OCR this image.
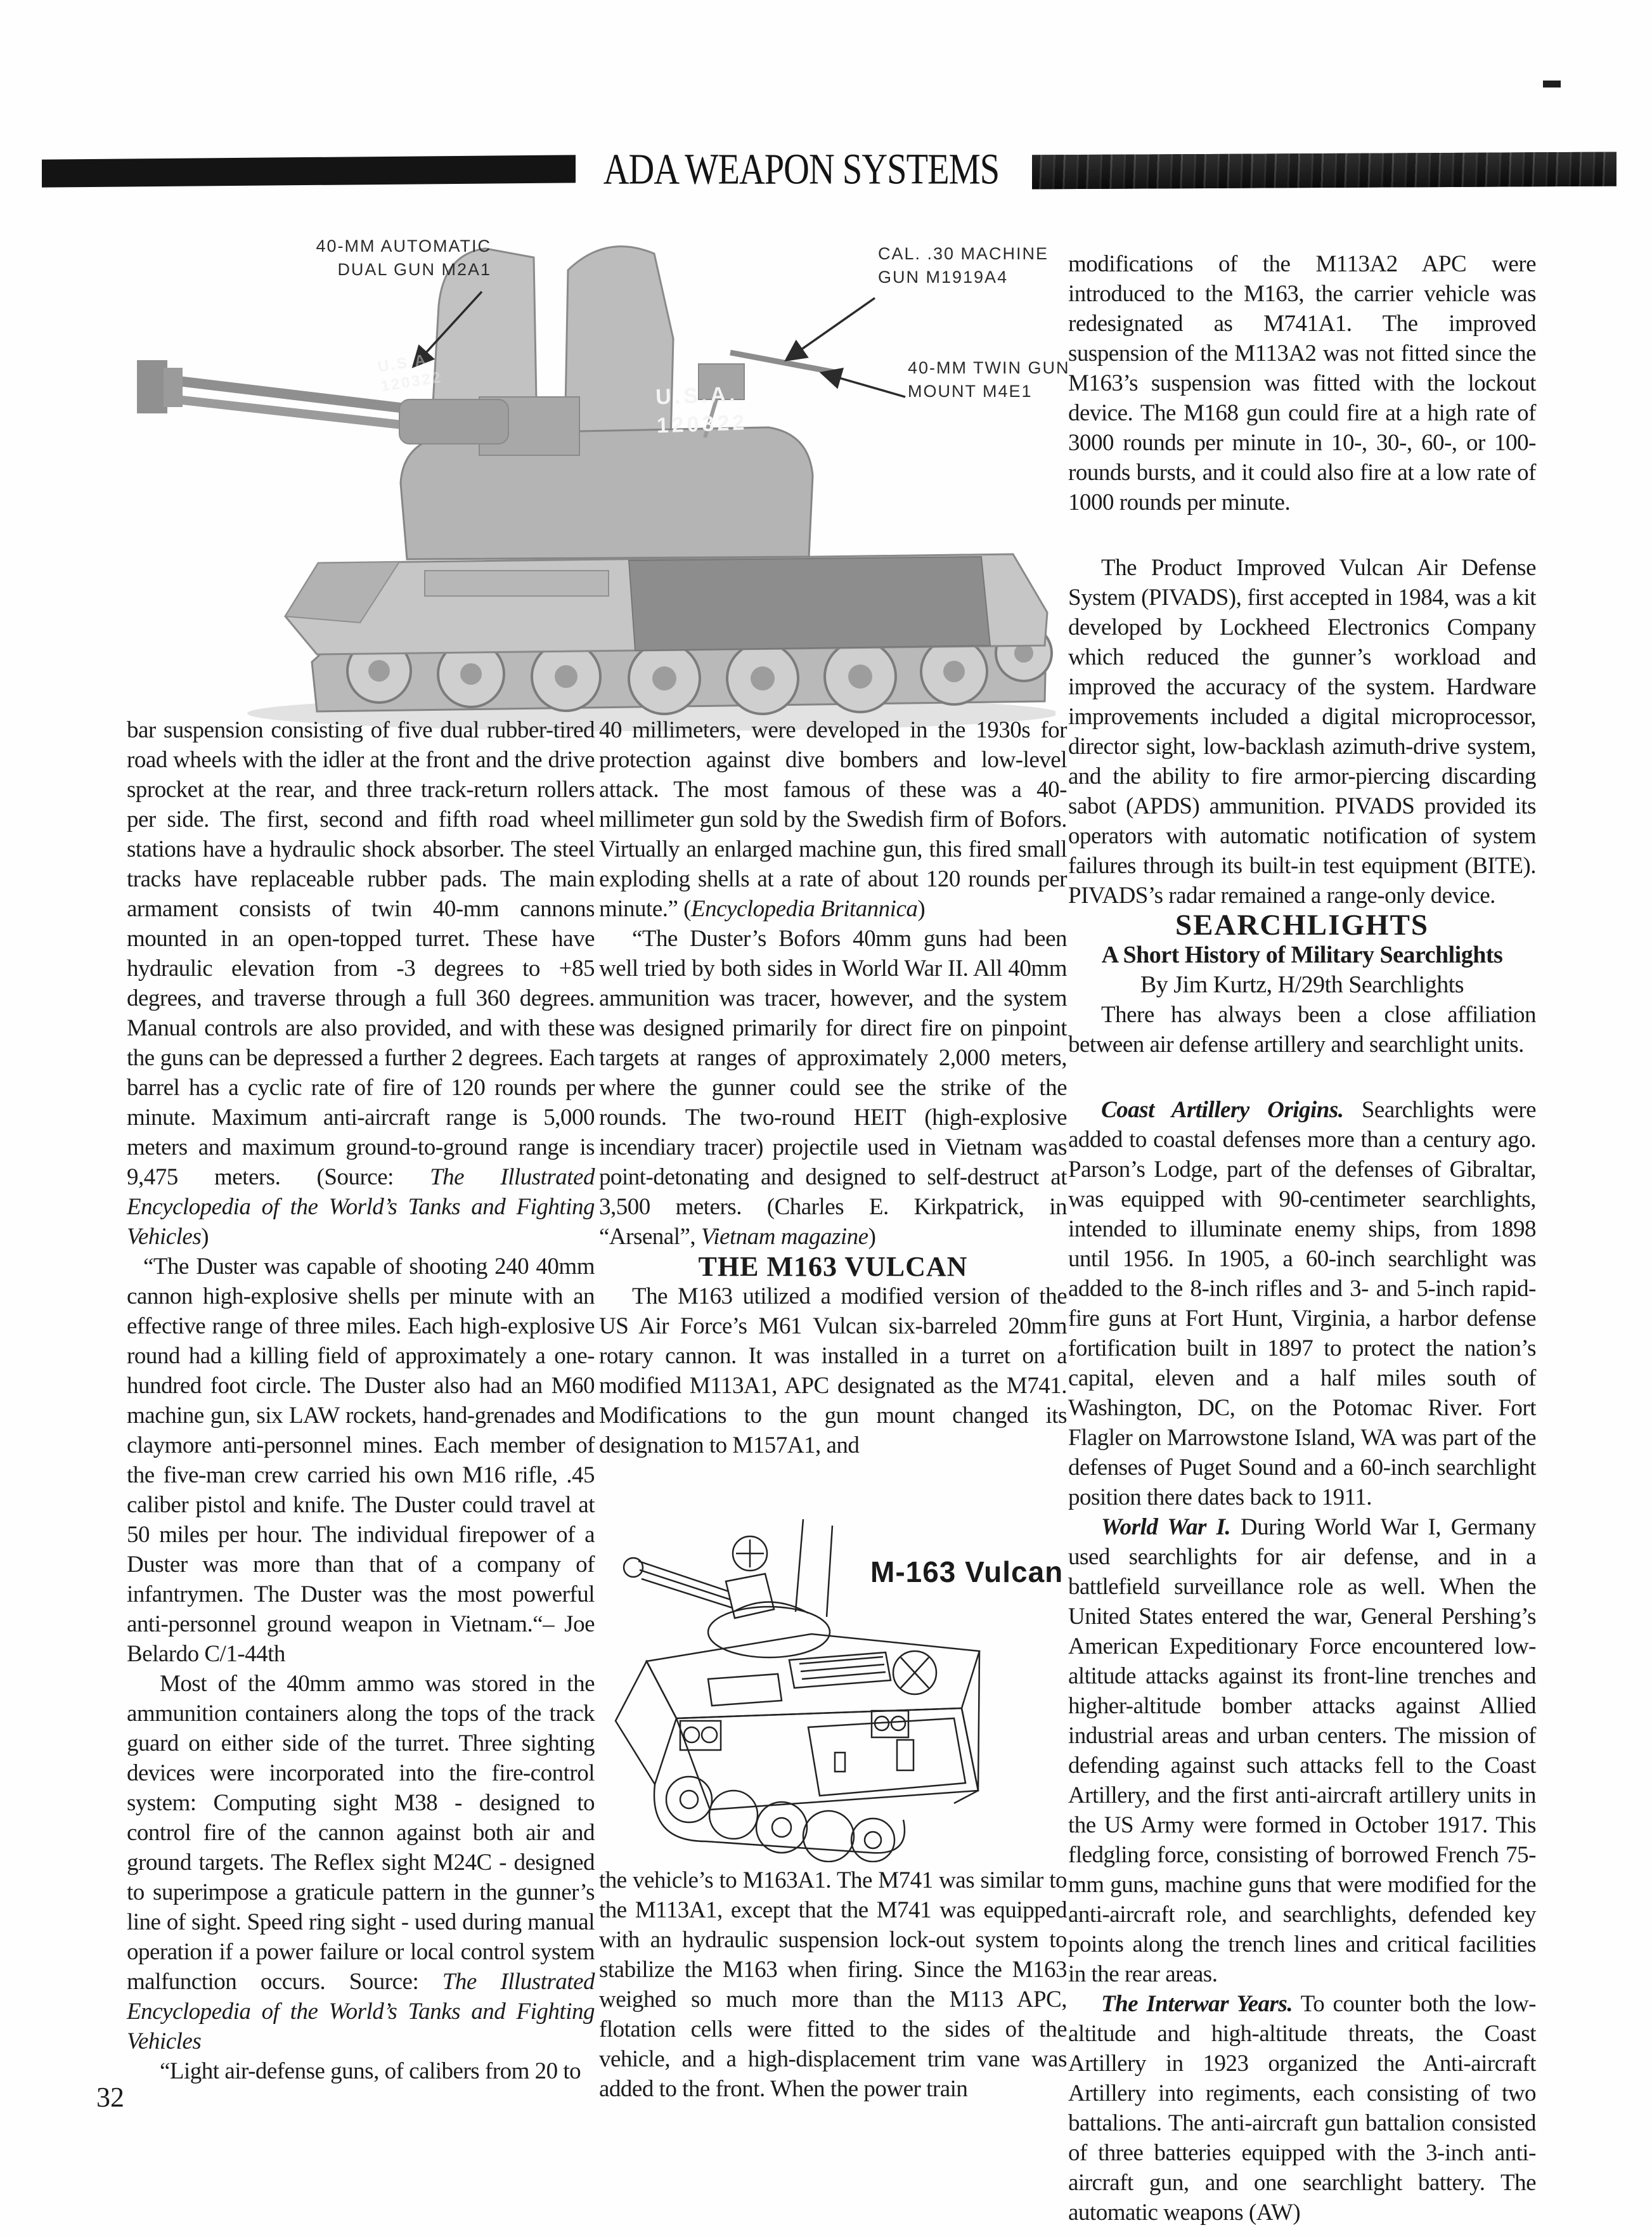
ADA WEAPON SYSTEMS
40-MM AUTOMATIC
DUAL GUN M2A1
CAL. .30 MACHINE
GUN M1919A4
40-MM TWIN GUN
MOUNT M4E1
U.S.A.
120322
U.S.A.
120322

bar suspension consisting of five dual rubber-tired road wheels with the idler at the front and the drive sprocket at the rear, and three track-return rollers per side. The first, second and fifth road wheel stations have a hydraulic shock absorber. The steel tracks have replaceable rubber pads. The main armament consists of twin 40-mm cannons mounted in an open-topped turret. These have hydraulic elevation from -3 degrees to +85 degrees, and traverse through a full 360 degrees. Manual controls are also provided, and with these the guns can be depressed a further 2 degrees. Each barrel has a cyclic rate of fire of 120 rounds per minute. Maximum anti-aircraft range is 5,000 meters and maximum ground-to-ground range is 9,475 meters. (Source: The Illustrated Encyclopedia of the World’s Tanks and Fighting Vehicles)

“The Duster was capable of shooting 240 40mm cannon high-explosive shells per minute with an effective range of three miles. Each high-explosive round had a killing field of approximately a one-hundred foot circle. The Duster also had an M60 machine gun, six LAW rockets, hand-grenades and claymore anti-personnel mines. Each member of the five-man crew carried his own M16 rifle, .45 caliber pistol and knife. The Duster could travel at 50 miles per hour. The individual firepower of a Duster was more than that of a company of infantrymen. The Duster was the most powerful anti-personnel ground weapon in Vietnam.“– Joe Belardo C/1-44th

Most of the 40mm ammo was stored in the ammunition containers along the tops of the track guard on either side of the turret. Three sighting devices were incorporated into the fire-control system: Computing sight M38 - designed to control fire of the cannon against both air and ground targets. The Reflex sight M24C - designed to superimpose a graticule pattern in the gunner’s line of sight. Speed ring sight - used during manual operation if a power failure or local control system malfunction occurs. Source: The Illustrated Encyclopedia of the World’s Tanks and Fighting Vehicles

“Light air-defense guns, of calibers from 20 to

40 millimeters, were developed in the 1930s for protection against dive bombers and low-level attack. The most famous of these was a 40-millimeter gun sold by the Swedish firm of Bofors. Virtually an enlarged machine gun, this fired small exploding shells at a rate of about 120 rounds per minute.” (Encyclopedia Britannica)

“The Duster’s Bofors 40mm guns had been well tried by both sides in World War II. All 40mm ammunition was tracer, however, and the system was designed primarily for direct fire on pinpoint targets at ranges of approximately 2,000 meters, where the gunner could see the strike of the rounds. The two-round HEIT (high-explosive incendiary tracer) projectile used in Vietnam was point-detonating and designed to self-destruct at 3,500 meters. (Charles E. Kirkpatrick, in “Arsenal”, Vietnam magazine)

THE M163 VULCAN

The M163 utilized a modified version of the US Air Force’s M61 Vulcan six-barreled 20mm rotary cannon. It was installed in a turret on a modified M113A1, APC designated as the M741. Modifications to the gun mount changed its designation to M157A1, and

M-163 Vulcan

the vehicle’s to M163A1. The M741 was similar to the M113A1, except that the M741 was equipped with an hydraulic suspension lock-out system to stabilize the M163 when firing. Since the M163 weighed so much more than the M113 APC, flotation cells were fitted to the sides of the vehicle, and a high-displacement trim vane was added to the front. When the power train

modifications of the M113A2 APC were introduced to the M163, the carrier vehicle was redesignated as M741A1. The improved suspension of the M113A2 was not fitted since the M163’s suspension was fitted with the lockout device. The M168 gun could fire at a high rate of 3000 rounds per minute in 10-, 30-, 60-, or 100-rounds bursts, and it could also fire at a low rate of 1000 rounds per minute.

The Product Improved Vulcan Air Defense System (PIVADS), first accepted in 1984, was a kit developed by Lockheed Electronics Company which reduced the gunner’s workload and improved the accuracy of the system. Hardware improvements included a digital microprocessor, director sight, low-backlash azimuth-drive system, and the ability to fire armor-piercing discarding sabot (APDS) ammunition. PIVADS provided its operators with automatic notification of system failures through its built-in test equipment (BITE). PIVADS’s radar remained a range-only device.

SEARCHLIGHTS

A Short History of Military Searchlights

By Jim Kurtz, H/29th Searchlights

There has always been a close affiliation between air defense artillery and searchlight units.

Coast Artillery Origins. Searchlights were added to coastal defenses more than a century ago. Parson’s Lodge, part of the defenses of Gibraltar, was equipped with 90-centimeter searchlights, intended to illuminate enemy ships, from 1898 until 1956. In 1905, a 60-inch searchlight was added to the 8-inch rifles and 3- and 5-inch rapid-fire guns at Fort Hunt, Virginia, a harbor defense fortification built in 1897 to protect the nation’s capital, eleven and a half miles south of Washington, DC, on the Potomac River. Fort Flagler on Marrowstone Island, WA was part of the defenses of Puget Sound and a 60-inch searchlight position there dates back to 1911.

World War I. During World War I, Germany used searchlights for air defense, and in a battlefield surveillance role as well. When the United States entered the war, General Pershing’s American Expeditionary Force encountered low-altitude attacks against its front-line trenches and higher-altitude bomber attacks against Allied industrial areas and urban centers. The mission of defending against such attacks fell to the Coast Artillery, and the first anti-aircraft artillery units in the US Army were formed in October 1917. This fledgling force, consisting of borrowed French 75-mm guns, machine guns that were modified for the anti-aircraft role, and searchlights, defended key points along the trench lines and critical facilities in the rear areas.

The Interwar Years. To counter both the low-altitude and high-altitude threats, the Coast Artillery in 1923 organized the Anti-aircraft Artillery into regiments, each consisting of two battalions. The anti-aircraft gun battalion consisted of three batteries equipped with the 3-inch anti-aircraft gun, and one searchlight battery. The automatic weapons (AW)

32
